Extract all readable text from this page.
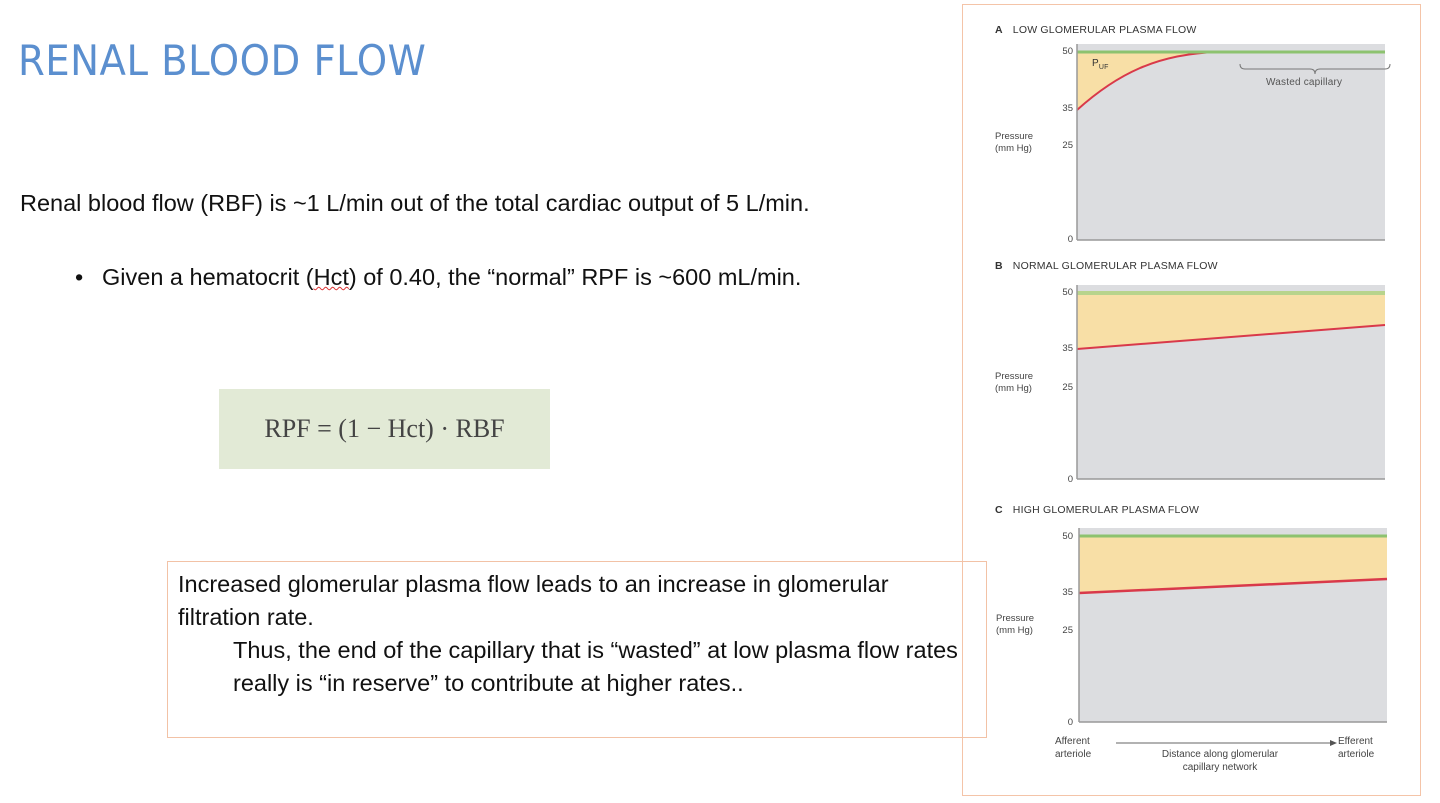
RENAL BLOOD FLOW
Renal blood flow (RBF) is ~1 L/min out of the total cardiac output of 5 L/min.
• Given a hematocrit (Hct) of 0.40, the “normal” RPF is ~600 mL/min.
RPF = (1 − Hct) · RBF
A LOW GLOMERULAR PLASMA FLOW
Pressure
(mm Hg)
50
35
25
0
$P_{UF}$
Wasted capillary
B NORMAL GLOMERULAR PLASMA FLOW
Pressure
(mm Hg)
50
35
25
0
C HIGH GLOMERULAR PLASMA FLOW
Pressure
(mm Hg)
50
35
25
0
Afferent
arteriole	Distance along glomerular
capillary network
Efferent
arteriole
Increased glomerular plasma flow leads to an increase in glomerular filtration rate.
Thus, the end of the capillary that is “wasted” at low plasma flow rates really is “in reserve” to contribute at higher rates..
